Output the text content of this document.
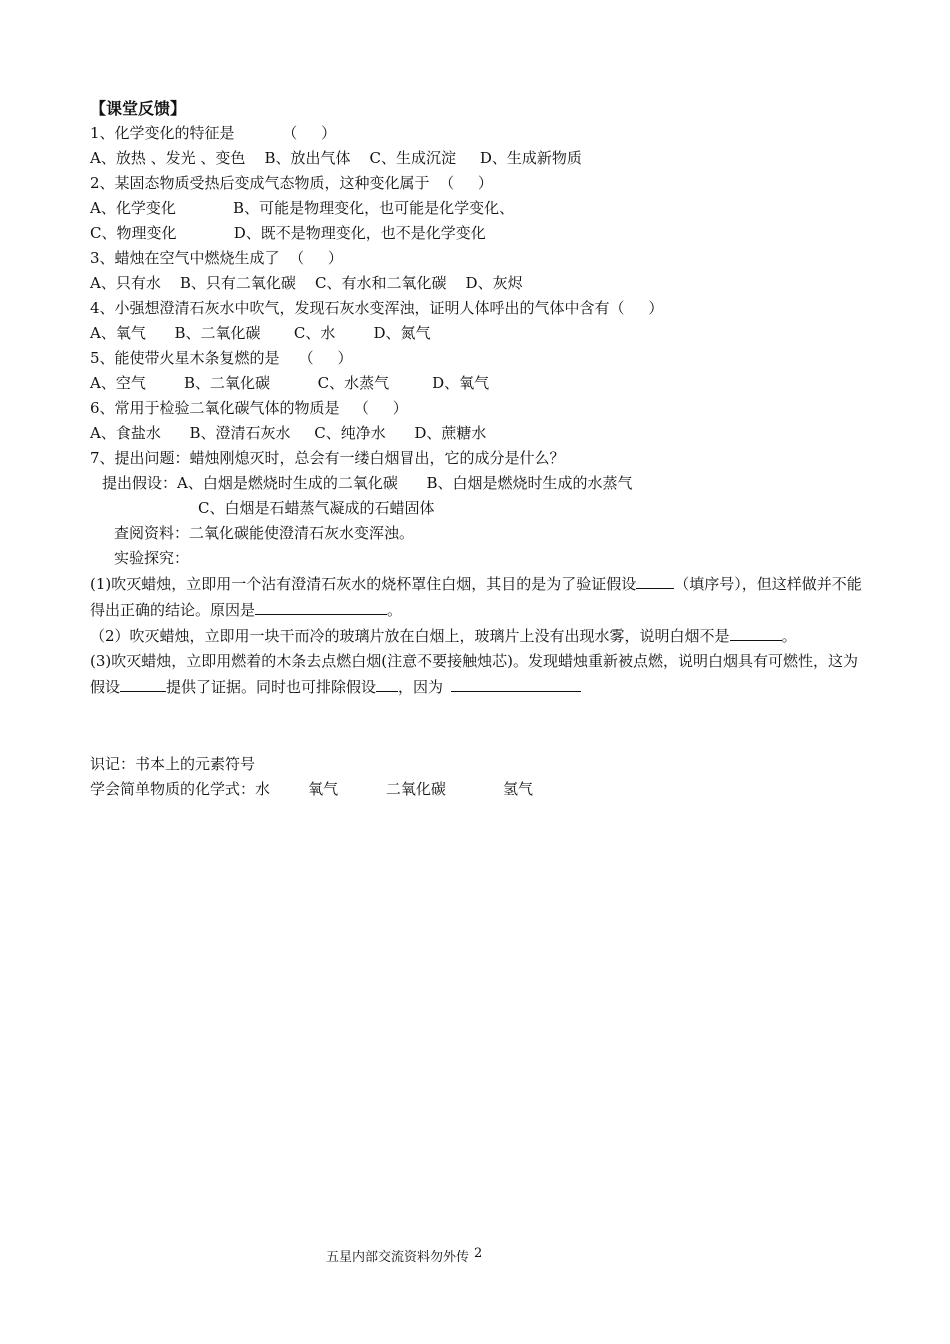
【课堂反馈】
1、化学变化的特征是          （     ）
A、放热 、发光 、变色    B、放出气体    C、生成沉淀     D、生成新物质
2、某固态物质受热后变成气态物质，这种变化属于  （     ）
A、化学变化            B、可能是物理变化，也可能是化学变化、
C、物理变化            D、既不是物理变化，也不是化学变化
3、蜡烛在空气中燃烧生成了  （     ）
A、只有水    B、只有二氧化碳    C、有水和二氧化碳    D、灰烬
4、小强想澄清石灰水中吹气，发现石灰水变浑浊，证明人体呼出的气体中含有（     ）
A、氧气      B、二氧化碳       C、水        D、氮气
5、能使带火星木条复燃的是    （     ）
A、空气        B、二氧化碳          C、水蒸气         D、氧气
6、常用于检验二氧化碳气体的物质是   （     ）
A、食盐水      B、澄清石灰水     C、纯净水      D、蔗糖水
7、提出问题：蜡烛刚熄灭时，总会有一缕白烟冒出，它的成分是什么？
提出假设：A、白烟是燃烧时生成的二氧化碳      B、白烟是燃烧时生成的水蒸气
C、白烟是石蜡蒸气凝成的石蜡固体
查阅资料：二氧化碳能使澄清石灰水变浑浊。
实验探究：
(1)吹灭蜡烛，立即用一个沾有澄清石灰水的烧杯罩住白烟，其目的是为了验证假设	（填序号），但这样做并不能得出正确的结论。原因是	。
（2）吹灭蜡烛，立即用一块干而冷的玻璃片放在白烟上，玻璃片上没有出现水雾，说明白烟不是	。
(3)吹灭蜡烛，立即用燃着的木条去点燃白烟(注意不要接触烛芯)。发现蜡烛重新被点燃，说明白烟具有可燃性，这为假设	提供了证据。同时也可排除假设 ，因为
识记：书本上的元素符号
学会简单物质的化学式：水        氧气          二氧化碳            氢气
五星内部交流资料勿外传 2
